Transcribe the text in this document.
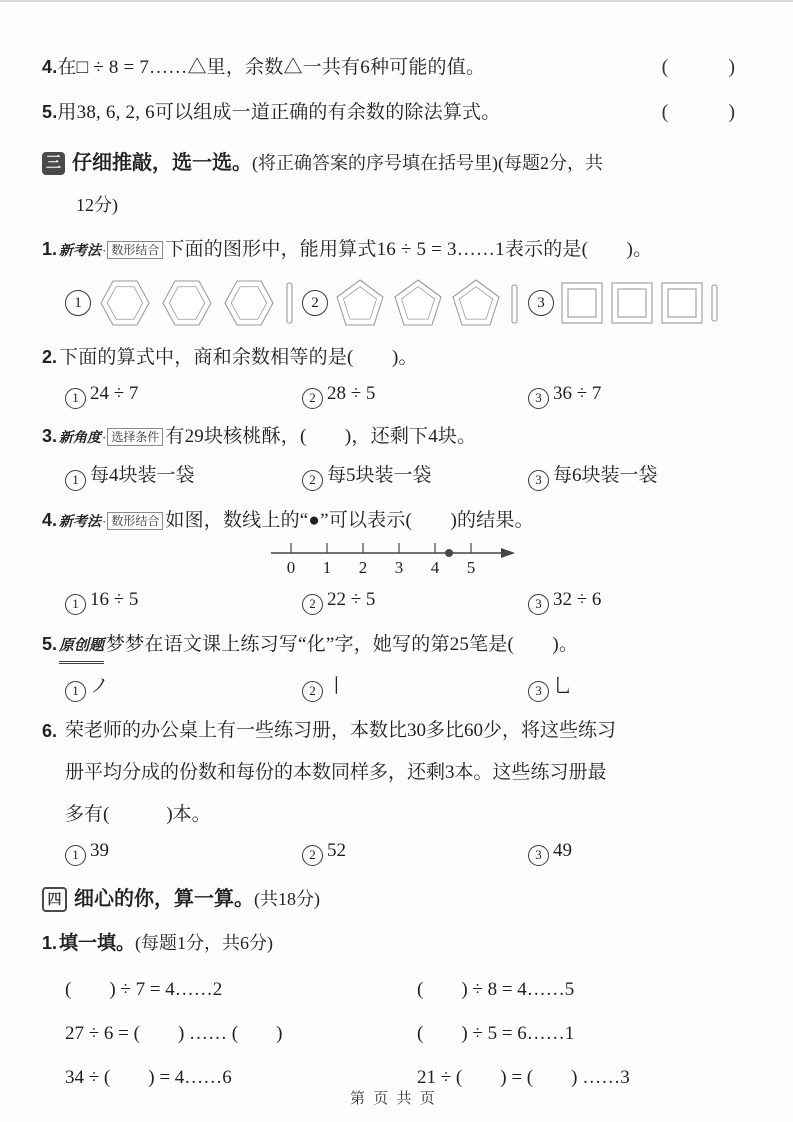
4.在□ ÷ 8 = 7……△里，余数△一共有6种可能的值。	(　　　)
5.用38, 6, 2, 6可以组成一道正确的有余数的除法算式。	(　　　)
三 仔细推敲，选一选。 (将正确答案的序号填在括号里)(每题2分，共
12分)
1. 新考法· 数形结合 下面的图形中，能用算式16 ÷ 5 = 3……1表示的是(　　)。
1	2	3
2. 下面的算式中，商和余数相等的是(　　)。
1 24 ÷ 7	2 28 ÷ 5	3 36 ÷ 7
3. 新角度· 选择条件 有29块核桃酥，(　　)，还剩下4块。
1 每4块装一袋	2 每5块装一袋	3 每6块装一袋
4. 新考法· 数形结合 如图，数线上的“●”可以表示(　　)的结果。
0 1 2 3 4 5
1 16 ÷ 5	2 22 ÷ 5	3 32 ÷ 6
5. 原创题 梦梦在语文课上练习写“化”字，她写的第25笔是(　　)。
1 ノ	2 丨	3 乚
6. 荣老师的办公桌上有一些练习册，本数比30多比60少，将这些练习
册平均分成的份数和每份的本数同样多，还剩3本。这些练习册最
多有(　　　)本。
1 39	2 52	3 49
四 细心的你，算一算。 (共18分)
1. 填一填。 (每题1分，共6分)
(　　) ÷ 7 = 4……2	(　　) ÷ 8 = 4……5
27 ÷ 6 = (　　) …… (　　)	(　　) ÷ 5 = 6……1
34 ÷ (　　) = 4……6	21 ÷ (　　) = (　　) ……3
第页共页
